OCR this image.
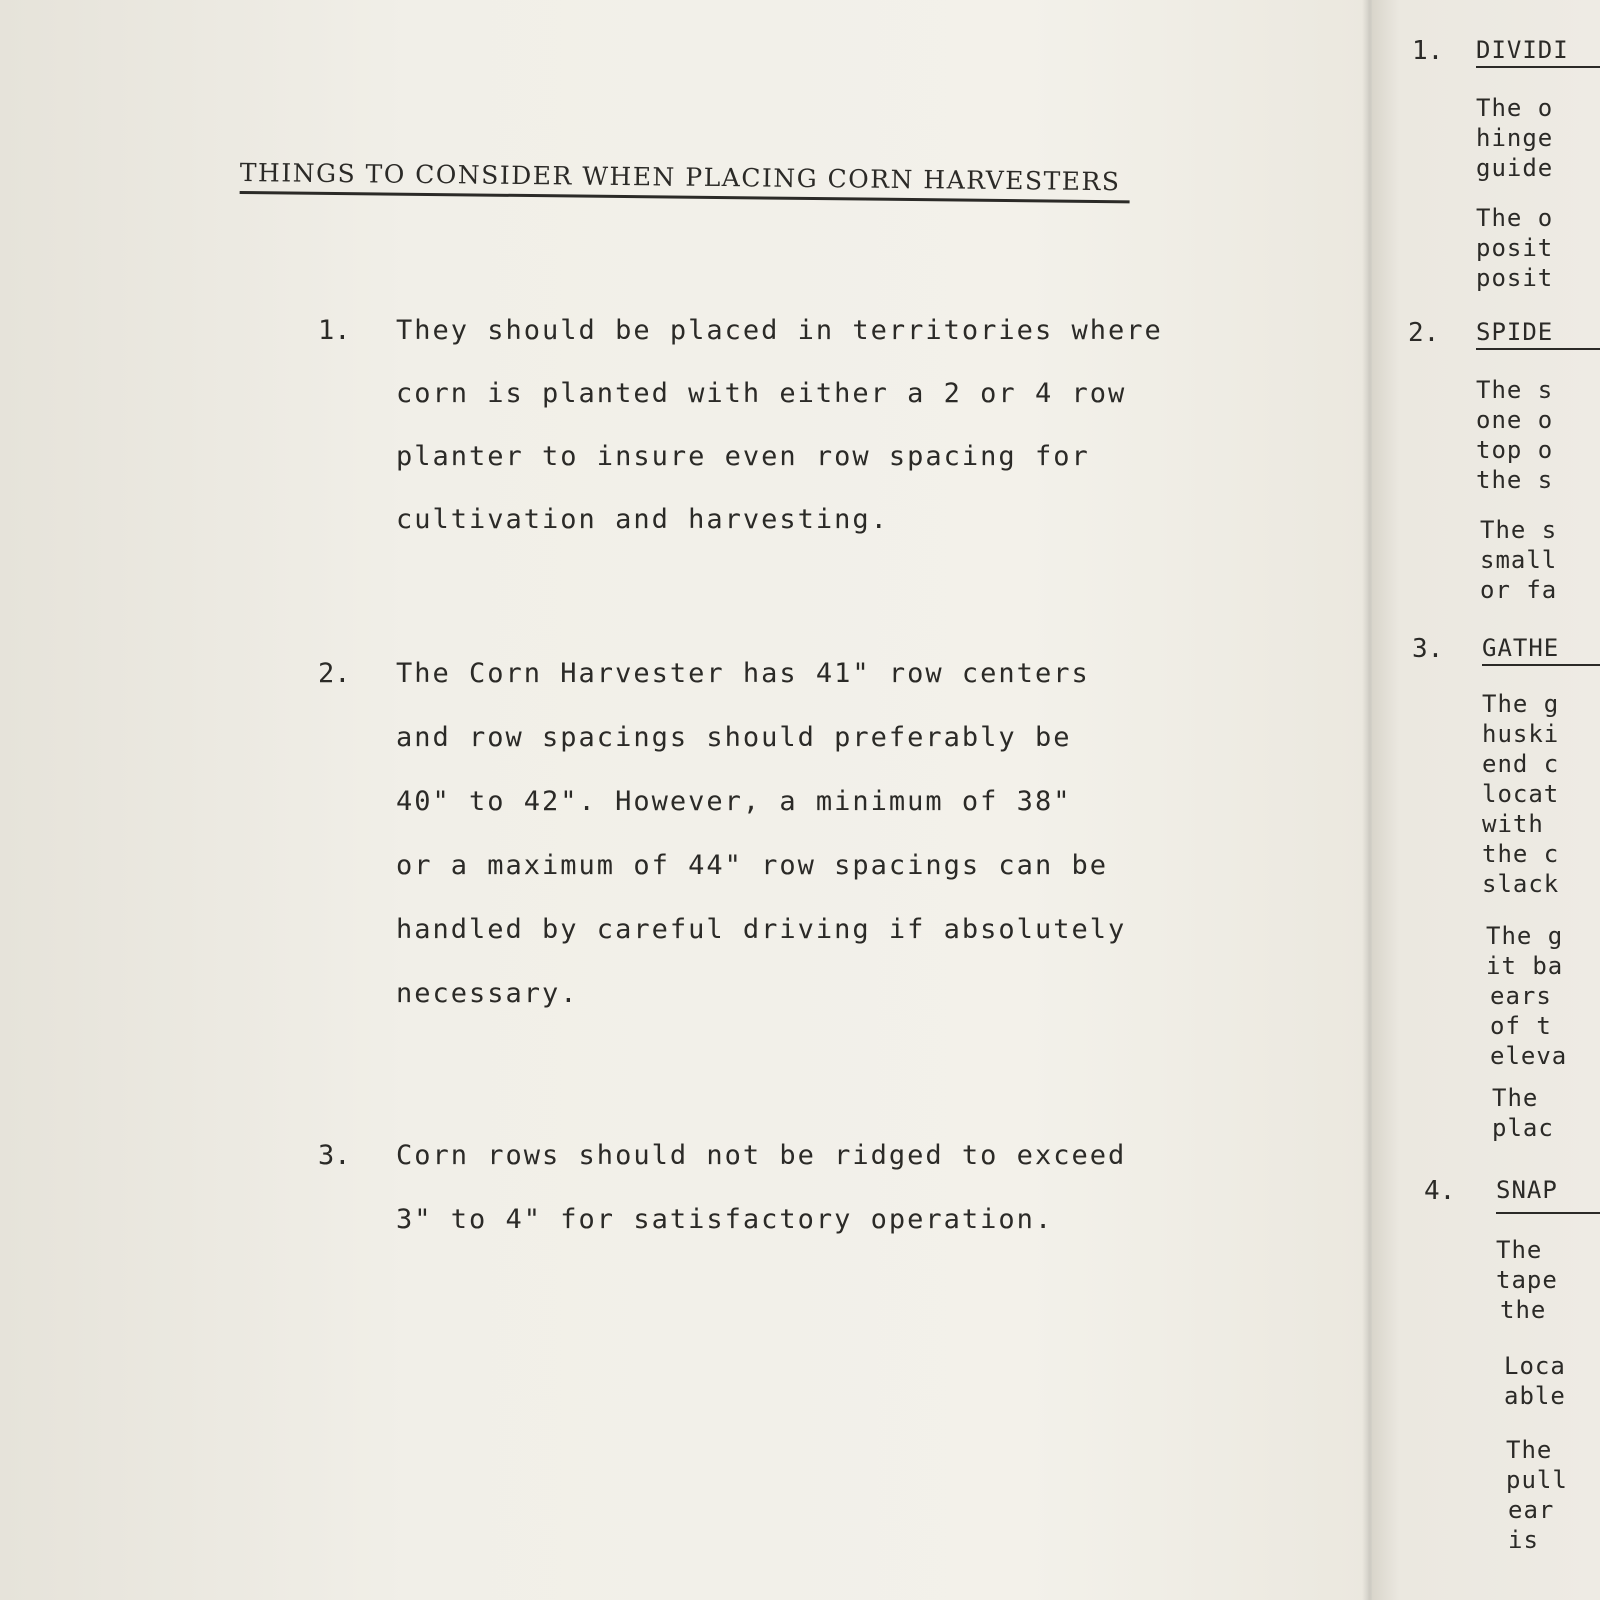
THINGS TO CONSIDER WHEN PLACING CORN HARVESTERS
1. They should be placed in territories where
corn is planted with either a 2 or 4 row
planter to insure even row spacing for
cultivation and harvesting.
2. The Corn Harvester has 41" row centers
and row spacings should preferably be
40" to 42". However, a minimum of 38"
or a maximum of 44" row spacings can be
handled by careful driving if absolutely
necessary.
3. Corn rows should not be ridged to exceed
3" to 4" for satisfactory operation.
1. DIVIDI
The o
hinge
guide
The o
posit
posit
2. SPIDE
The s
one o
top o
the s
The s
small
or fa
3. GATHE
The g
huski
end c
locat
with
the c
slack
The g
it ba
ears
of t
eleva
The
plac
4. SNAP
The
tape
the
Loca
able
The
pull
ear
is
